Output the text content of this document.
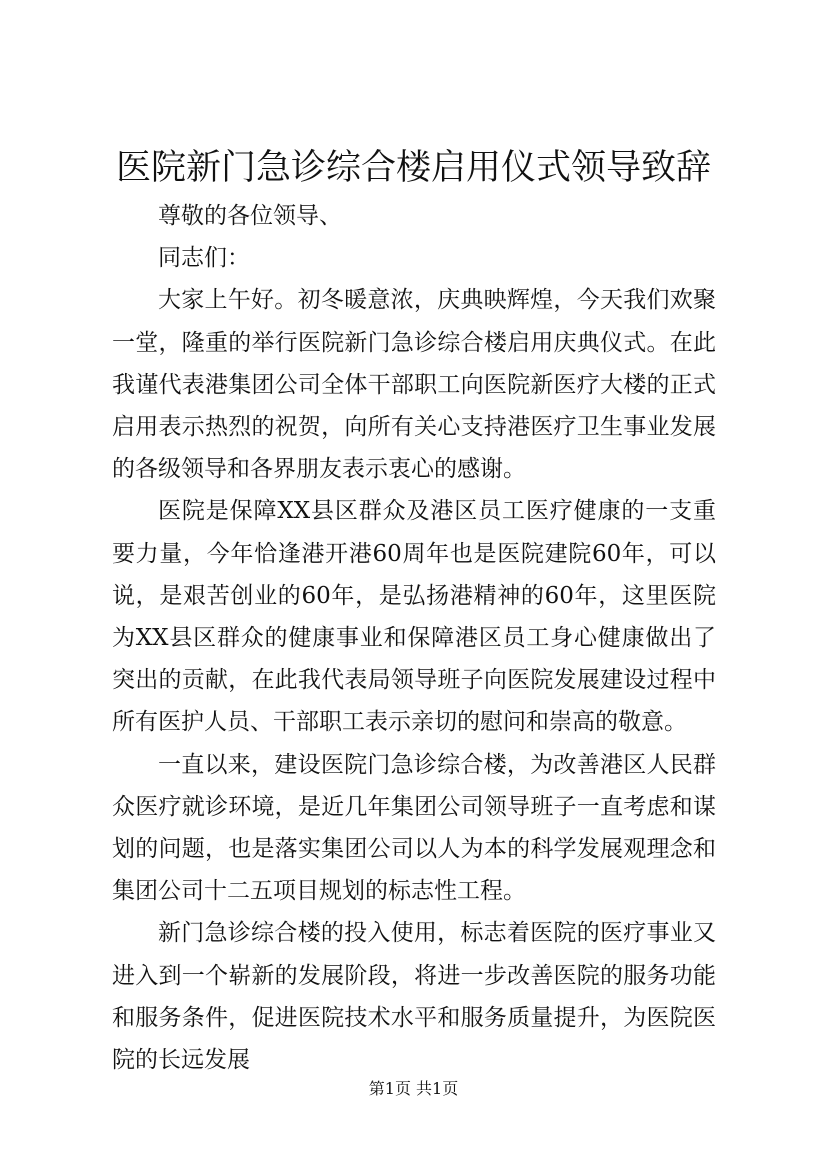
医院新门急诊综合楼启用仪式领导致辞

尊敬的各位领导、

同志们：

大家上午好。初冬暖意浓，庆典映辉煌，今天我们欢聚一堂，隆重的举行医院新门急诊综合楼启用庆典仪式。在此我谨代表港集团公司全体干部职工向医院新医疗大楼的正式启用表示热烈的祝贺，向所有关心支持港医疗卫生事业发展的各级领导和各界朋友表示衷心的感谢。

医院是保障XX县区群众及港区员工医疗健康的一支重要力量，今年恰逢港开港60周年也是医院建院60年，可以说，是艰苦创业的60年，是弘扬港精神的60年，这里医院为XX县区群众的健康事业和保障港区员工身心健康做出了突出的贡献，在此我代表局领导班子向医院发展建设过程中所有医护人员、干部职工表示亲切的慰问和崇高的敬意。

一直以来，建设医院门急诊综合楼，为改善港区人民群众医疗就诊环境，是近几年集团公司领导班子一直考虑和谋划的问题，也是落实集团公司以人为本的科学发展观理念和集团公司十二五项目规划的标志性工程。

新门急诊综合楼的投入使用，标志着医院的医疗事业又进入到一个崭新的发展阶段，将进一步改善医院的服务功能和服务条件，促进医院技术水平和服务质量提升，为医院医院的长远发展

第1页 共1页
